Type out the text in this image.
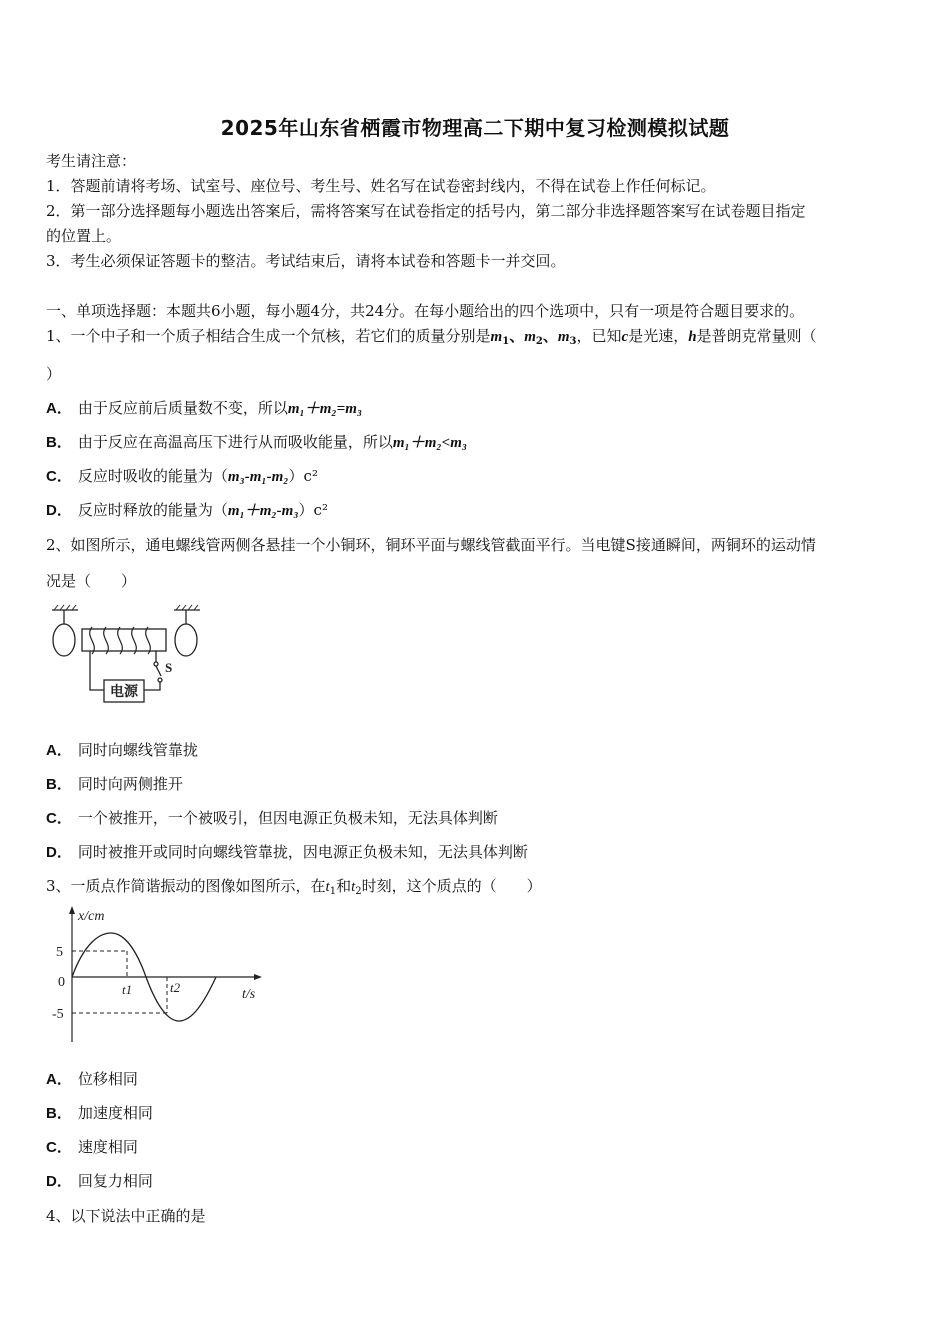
2025年山东省栖霞市物理高二下期中复习检测模拟试题
考生请注意：
1．答题前请将考场、试室号、座位号、考生号、姓名写在试卷密封线内，不得在试卷上作任何标记。
2．第一部分选择题每小题选出答案后，需将答案写在试卷指定的括号内，第二部分非选择题答案写在试卷题目指定
的位置上。
3．考生必须保证答题卡的整洁。考试结束后，请将本试卷和答题卡一并交回。
一、单项选择题：本题共6小题，每小题4分，共24分。在每小题给出的四个选项中，只有一项是符合题目要求的。
1、一个中子和一个质子相结合生成一个氘核，若它们的质量分别是$m_1$、$m_2$、$m_3$，已知c是光速，h是普朗克常量则（
）
A． 由于反应前后质量数不变，所以m₁＋m₂=m₃
B． 由于反应在高温高压下进行从而吸收能量，所以m₁＋m₂<m₃
C． 反应时吸收的能量为（m₃-m₁-m₂）c²
D． 反应时释放的能量为（m₁＋m₂-m₃）c²
2、如图所示，通电螺线管两侧各悬挂一个小铜环，铜环平面与螺线管截面平行。当电键S接通瞬间，两铜环的运动情
况是（　　）
电源
S
A． 同时向螺线管靠拢
B． 同时向两侧推开
C． 一个被推开，一个被吸引，但因电源正负极未知，无法具体判断
D． 同时被推开或同时向螺线管靠拢，因电源正负极未知，无法具体判断
3、一质点作简谐振动的图像如图所示，在$t_1$和$t_2$时刻，这个质点的（　　）
x/cm
t/s
5
0
-5
t1	t2
A． 位移相同
B． 加速度相同
C． 速度相同
D． 回复力相同
4、以下说法中正确的是
